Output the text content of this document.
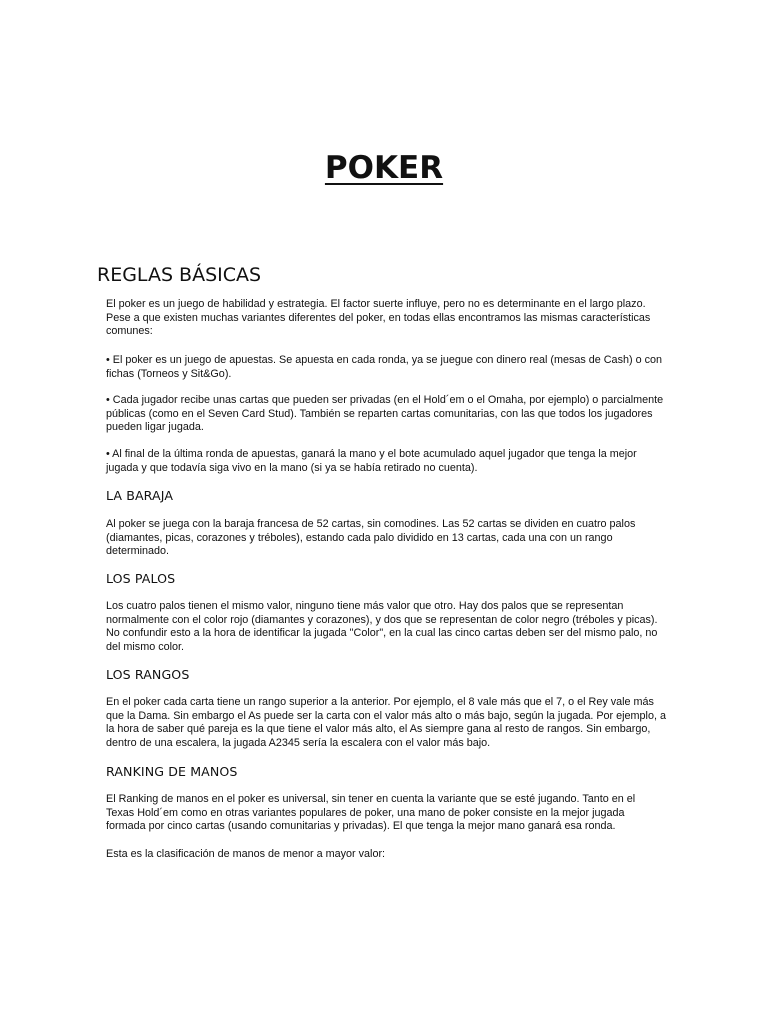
POKER
REGLAS BÁSICAS

El poker es un juego de habilidad y estrategia. El factor suerte influye, pero no es determinante en el largo plazo. Pese a que existen muchas variantes diferentes del poker, en todas ellas encontramos las mismas características comunes:

• El poker es un juego de apuestas. Se apuesta en cada ronda, ya se juegue con dinero real (mesas de Cash) o con fichas (Torneos y Sit&Go).

• Cada jugador recibe unas cartas que pueden ser privadas (en el Hold´em o el Omaha, por ejemplo) o parcialmente públicas (como en el Seven Card Stud). También se reparten cartas comunitarias, con las que todos los jugadores pueden ligar jugada.

• Al final de la última ronda de apuestas, ganará la mano y el bote acumulado aquel jugador que tenga la mejor jugada y que todavía siga vivo en la mano (si ya se había retirado no cuenta).

LA BARAJA

Al poker se juega con la baraja francesa de 52 cartas, sin comodines. Las 52 cartas se dividen en cuatro palos (diamantes, picas, corazones y tréboles), estando cada palo dividido en 13 cartas, cada una con un rango determinado.

LOS PALOS

Los cuatro palos tienen el mismo valor, ninguno tiene más valor que otro. Hay dos palos que se representan normalmente con el color rojo (diamantes y corazones), y dos que se representan de color negro (tréboles y picas). No confundir esto a la hora de identificar la jugada "Color", en la cual las cinco cartas deben ser del mismo palo, no del mismo color.

LOS RANGOS

En el poker cada carta tiene un rango superior a la anterior. Por ejemplo, el 8 vale más que el 7, o el Rey vale más que la Dama. Sin embargo el As puede ser la carta con el valor más alto o más bajo, según la jugada. Por ejemplo, a la hora de saber qué pareja es la que tiene el valor más alto, el As siempre gana al resto de rangos. Sin embargo, dentro de una escalera, la jugada A2345 sería la escalera con el valor más bajo.

RANKING DE MANOS

El Ranking de manos en el poker es universal, sin tener en cuenta la variante que se esté jugando. Tanto en el Texas Hold´em como en otras variantes populares de poker, una mano de poker consiste en la mejor jugada formada por cinco cartas (usando comunitarias y privadas). El que tenga la mejor mano ganará esa ronda.

Esta es la clasificación de manos de menor a mayor valor:
